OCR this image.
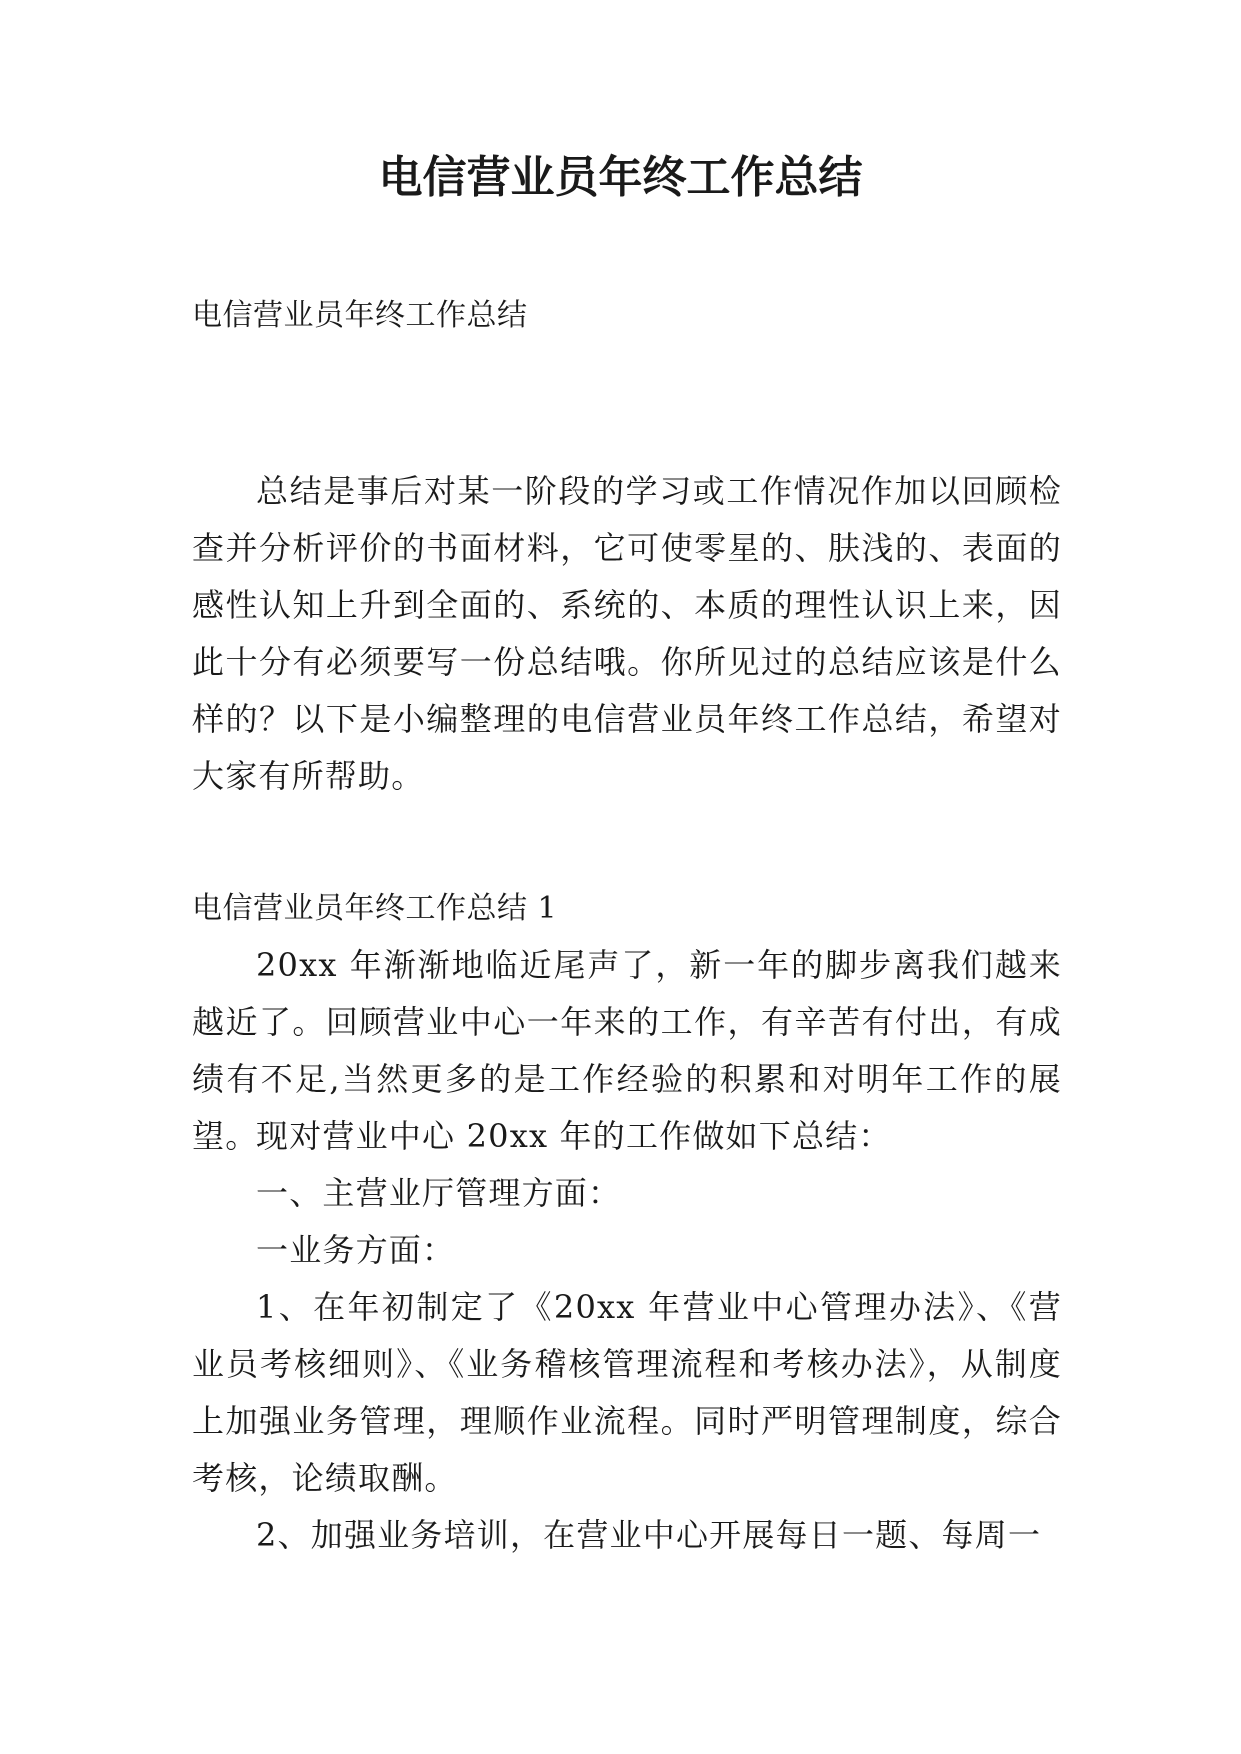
电信营业员年终工作总结

电信营业员年终工作总结

总结是事后对某一阶段的学习或工作情况作加以回顾检查并分析评价的书面材料，它可使零星的、肤浅的、表面的感性认知上升到全面的、系统的、本质的理性认识上来，因此十分有必须要写一份总结哦。你所见过的总结应该是什么样的？以下是小编整理的电信营业员年终工作总结，希望对大家有所帮助。

电信营业员年终工作总结 1

20xx 年渐渐地临近尾声了，新一年的脚步离我们越来越近了。回顾营业中心一年来的工作，有辛苦有付出，有成绩有不足,当然更多的是工作经验的积累和对明年工作的展望。

现对营业中心 20xx 年的工作做如下总结：

一、主营业厅管理方面：

一业务方面：

1、在年初制定了《20xx 年营业中心管理办法》、《营业员考核细则》、《业务稽核管理流程和考核办法》，从制度上加强业务管理，理顺作业流程。同时严明管理制度，综合考核，论绩取酬。

2、加强业务培训，在营业中心开展每日一题、每周一
